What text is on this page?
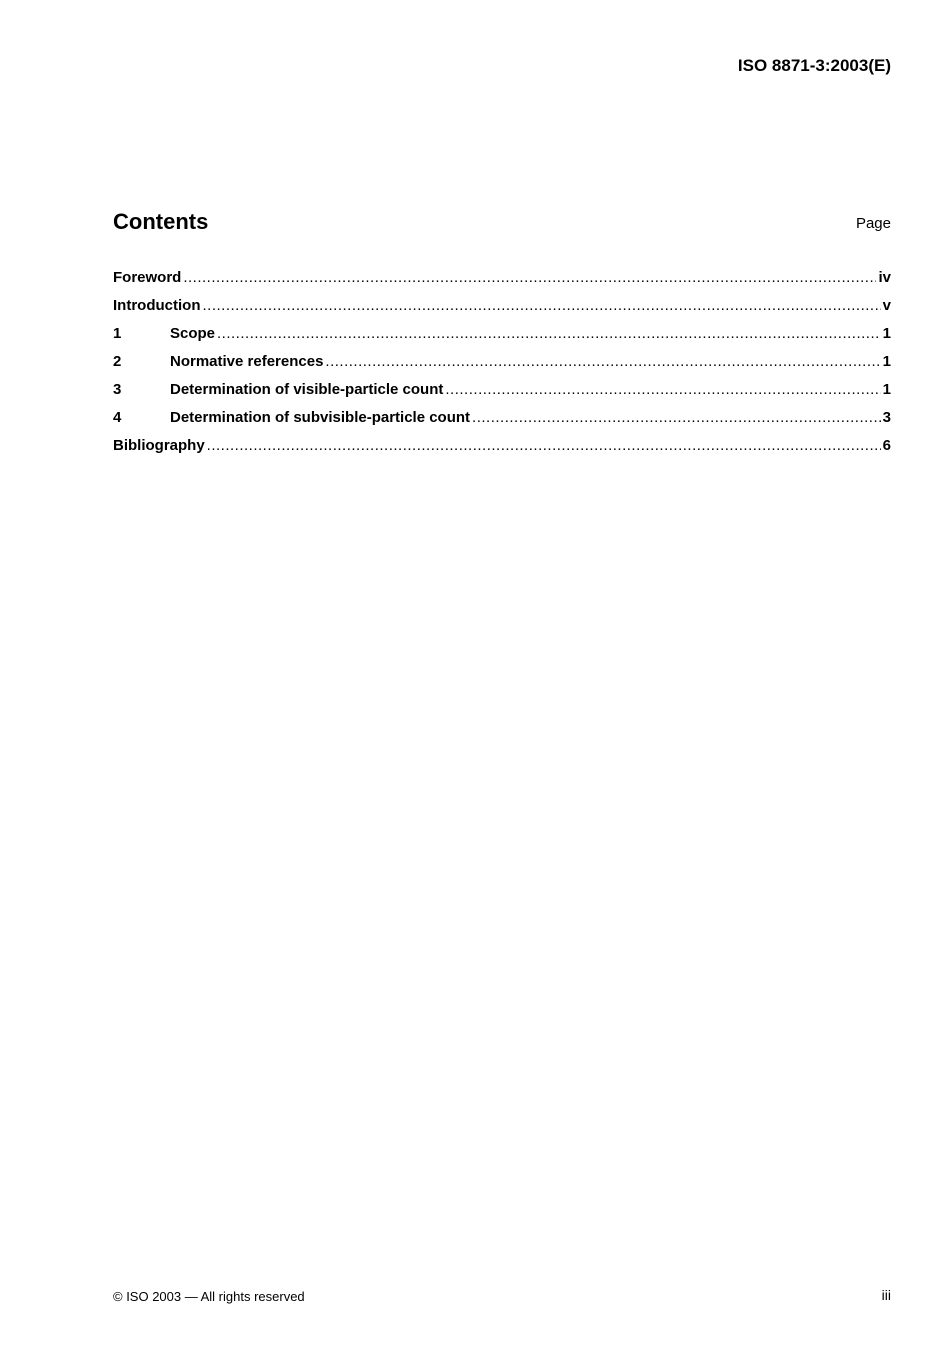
ISO 8871-3:2003(E)
Contents	Page
Foreword .....	iv
Introduction .....	v
1	Scope .....	1
2	Normative references .....	1
3	Determination of visible-particle count .....	1
4	Determination of subvisible-particle count .....	3
Bibliography .....	6
© ISO 2003 — All rights reserved	iii
